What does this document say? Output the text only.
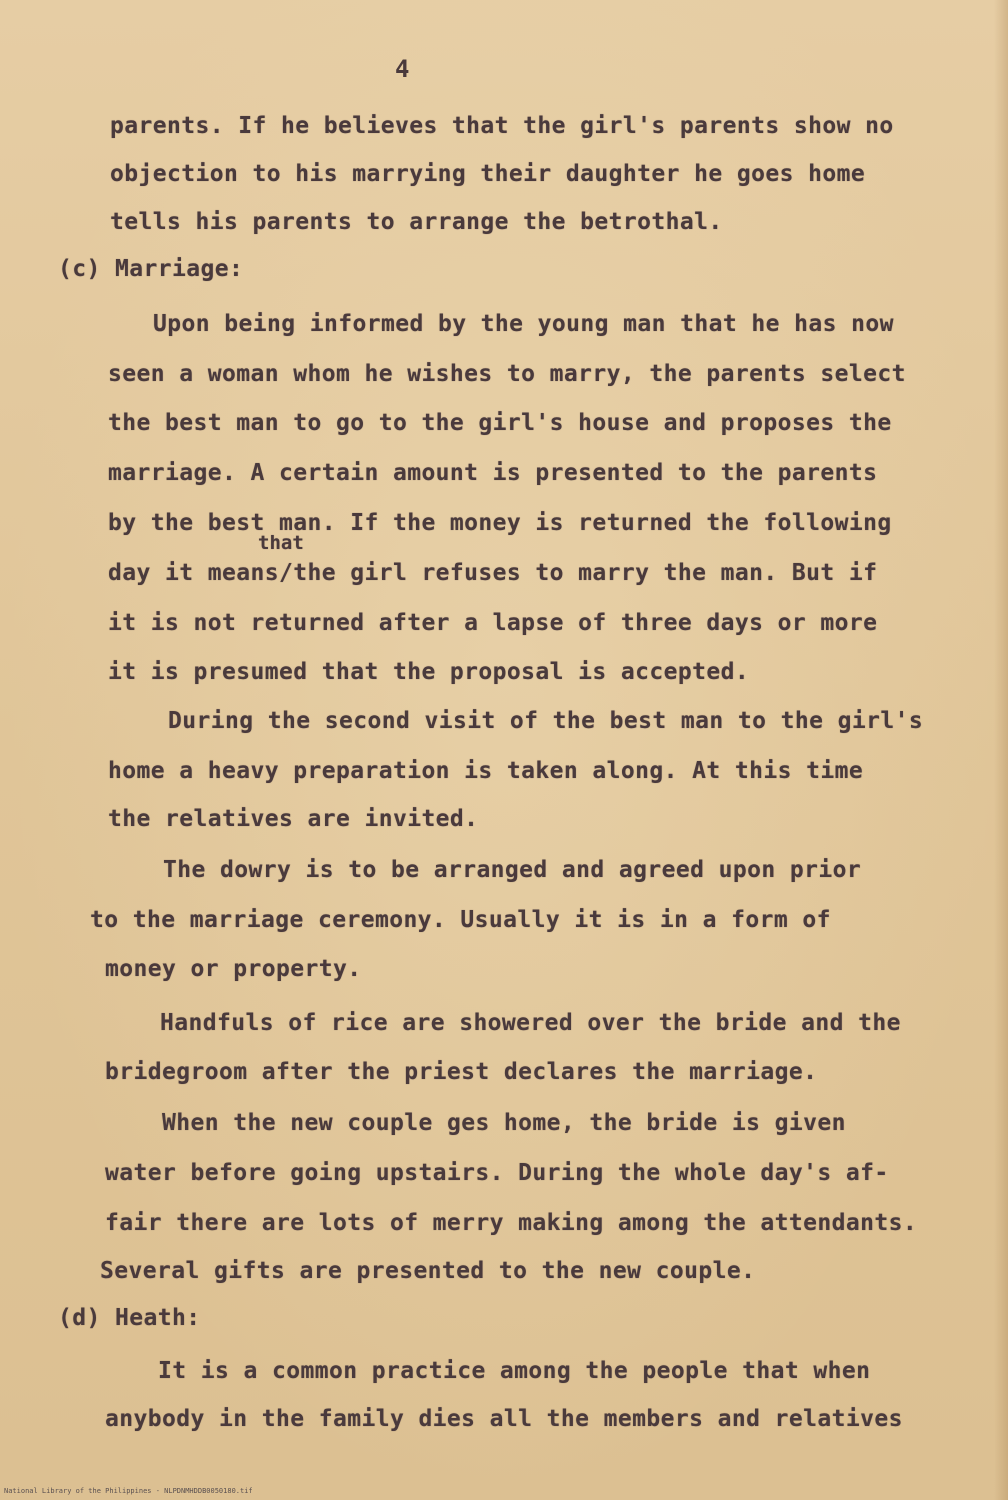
4
parents. If he believes that the girl's parents show no
objection to his marrying their daughter he goes home
tells his parents to arrange the betrothal.
(c) Marriage:
Upon being informed by the young man that he has now
seen a woman whom he wishes to marry, the parents select
the best man to go to the girl's house and proposes the
marriage. A certain amount is presented to the parents
by the best man. If the money is returned the following
that
day it means/the girl refuses to marry the man. But if
it is not returned after a lapse of three days or more
it is presumed that the proposal is accepted.
During the second visit of the best man to the girl's
home a heavy preparation is taken along. At this time
the relatives are invited.
The dowry is to be arranged and agreed upon prior
to the marriage ceremony. Usually it is in a form of
money or property.
Handfuls of rice are showered over the bride and the
bridegroom after the priest declares the marriage.
When the new couple ges home, the bride is given
water before going upstairs. During the whole day's af-
fair there are lots of merry making among the attendants.
Several gifts are presented to the new couple.
(d) Heath:
It is a common practice among the people that when
anybody in the family dies all the members and relatives
National Library of the Philippines - NLPDNMHDDB0050180.tif
